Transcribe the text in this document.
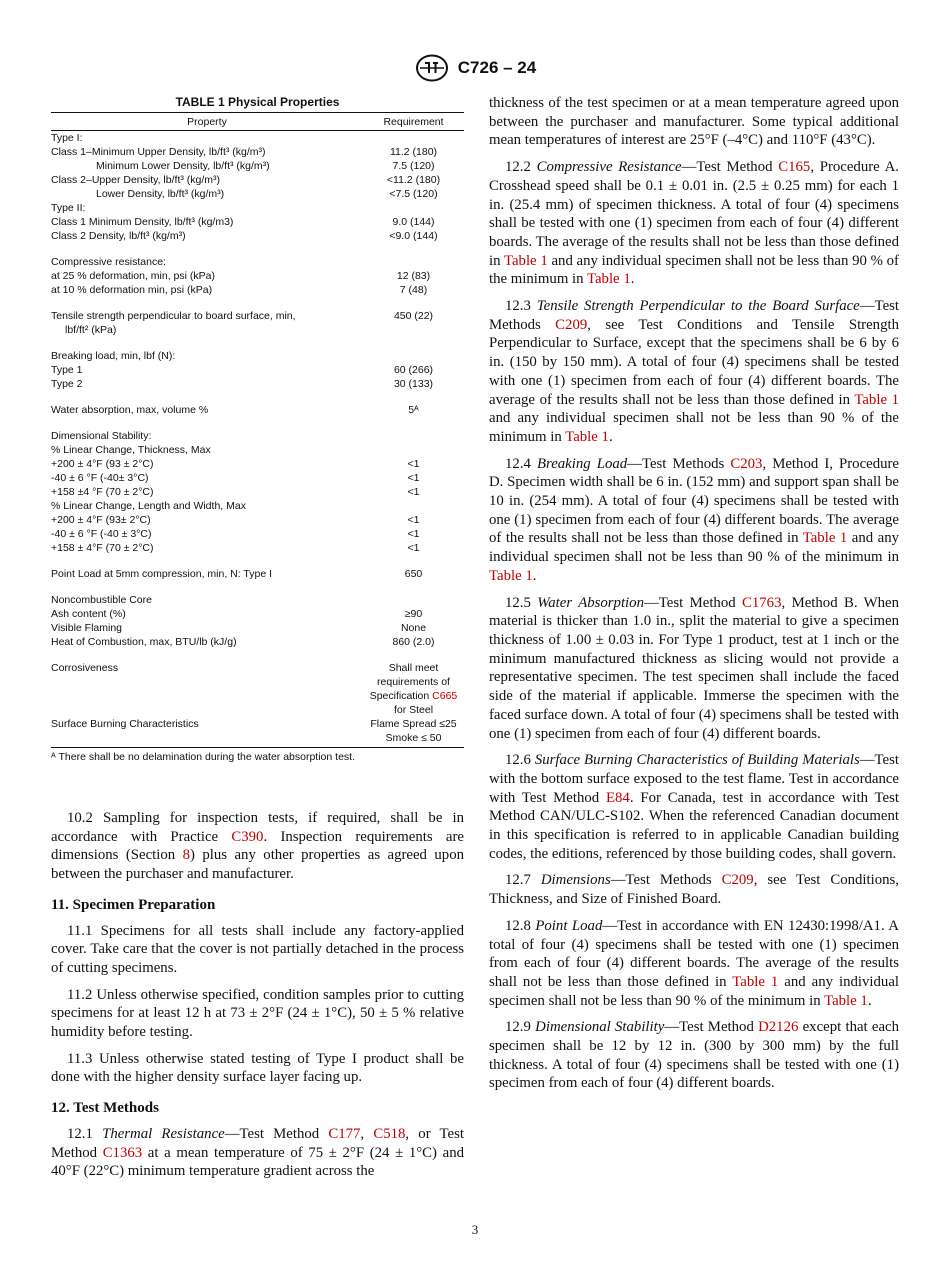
C726 – 24
TABLE 1 Physical Properties
Property	Requirement
Type I:	
Class 1–Minimum Upper Density, lb/ft³ (kg/m³)	11.2 (180)
Minimum Lower Density, lb/ft³ (kg/m³)	7.5 (120)
Class 2–Upper Density, lb/ft³ (kg/m³)	<11.2 (180)
Lower Density, lb/ft³ (kg/m³)	<7.5 (120)
Type II:	
Class 1 Minimum Density, lb/ft³ (kg/m3)	9.0 (144)
Class 2 Density, lb/ft³ (kg/m³)	<9.0 (144)

Compressive resistance:	
at 25 % deformation, min, psi (kPa)	12 (83)
at 10 % deformation min, psi (kPa)	7 (48)

Tensile strength perpendicular to board surface, min,	450 (22)
lbf/ft² (kPa)	

Breaking load, min, lbf (N):	
Type 1	60 (266)
Type 2	30 (133)

Water absorption, max, volume %	5ᴬ

Dimensional Stability:	
% Linear Change, Thickness, Max	
+200 ± 4°F (93 ± 2°C)	<1
-40 ± 6 °F (-40± 3°C)	<1
+158 ±4 °F (70 ± 2°C)	<1
% Linear Change, Length and Width, Max	
+200 ± 4°F (93± 2°C)	<1
-40 ± 6 °F (-40 ± 3°C)	<1
+158 ± 4°F (70 ± 2°C)	<1

Point Load at 5mm compression, min, N: Type I	650

Noncombustible Core	
Ash content (%)	≥90
Visible Flaming	None
Heat of Combustion, max, BTU/lb (kJ/g)	860 (2.0)

Corrosiveness	Shall meet requirements of Specification C665
for Steel
Surface Burning Characteristics	Flame Spread ≤25
Smoke ≤ 50
ᴬ There shall be no delamination during the water absorption test.

10.2 Sampling for inspection tests, if required, shall be in accordance with Practice C390. Inspection requirements are dimensions (Section 8) plus any other properties as agreed upon between the purchaser and manufacturer.

11. Specimen Preparation

11.1 Specimens for all tests shall include any factory-applied cover. Take care that the cover is not partially detached in the process of cutting specimens.

11.2 Unless otherwise specified, condition samples prior to cutting specimens for at least 12 h at 73 ± 2°F (24 ± 1°C), 50 ± 5 % relative humidity before testing.

11.3 Unless otherwise stated testing of Type I product shall be done with the higher density surface layer facing up.

12. Test Methods

12.1 Thermal Resistance—Test Method C177, C518, or Test Method C1363 at a mean temperature of 75 ± 2°F (24 ± 1°C) and 40°F (22°C) minimum temperature gradient across the

thickness of the test specimen or at a mean temperature agreed upon between the purchaser and manufacturer. Some typical additional mean temperatures of interest are 25°F (–4°C) and 110°F (43°C).

12.2 Compressive Resistance—Test Method C165, Procedure A. Crosshead speed shall be 0.1 ± 0.01 in. (2.5 ± 0.25 mm) for each 1 in. (25.4 mm) of specimen thickness. A total of four (4) specimens shall be tested with one (1) specimen from each of four (4) different boards. The average of the results shall not be less than those defined in Table 1 and any individual specimen shall not be less than 90 % of the minimum in Table 1.

12.3 Tensile Strength Perpendicular to the Board Surface—Test Methods C209, see Test Conditions and Tensile Strength Perpendicular to Surface, except that the specimens shall be 6 by 6 in. (150 by 150 mm). A total of four (4) specimens shall be tested with one (1) specimen from each of four (4) different boards. The average of the results shall not be less than those defined in Table 1 and any individual specimen shall not be less than 90 % of the minimum in Table 1.

12.4 Breaking Load—Test Methods C203, Method I, Procedure D. Specimen width shall be 6 in. (152 mm) and support span shall be 10 in. (254 mm). A total of four (4) specimens shall be tested with one (1) specimen from each of four (4) different boards. The average of the results shall not be less than those defined in Table 1 and any individual specimen shall not be less than 90 % of the minimum in Table 1.

12.5 Water Absorption—Test Method C1763, Method B. When material is thicker than 1.0 in., split the material to give a specimen thickness of 1.00 ± 0.03 in. For Type 1 product, test at 1 inch or the minimum manufactured thickness as slicing would not provide a representative specimen. The test specimen shall include the faced side of the material if applicable. Immerse the specimen with the faced surface down. A total of four (4) specimens shall be tested with one (1) specimen from each of four (4) different boards.

12.6 Surface Burning Characteristics of Building Materials—Test with the bottom surface exposed to the test flame. Test in accordance with Test Method E84. For Canada, test in accordance with Test Method CAN/ULC-S102. When the referenced Canadian document in this specification is referred to in applicable Canadian building codes, the editions, referenced by those building codes, shall govern.

12.7 Dimensions—Test Methods C209, see Test Conditions, Thickness, and Size of Finished Board.

12.8 Point Load—Test in accordance with EN 12430:1998/A1. A total of four (4) specimens shall be tested with one (1) specimen from each of four (4) different boards. The average of the results shall not be less than those defined in Table 1 and any individual specimen shall not be less than 90 % of the minimum in Table 1.

12.9 Dimensional Stability—Test Method D2126 except that each specimen shall be 12 by 12 in. (300 by 300 mm) by the full thickness. A total of four (4) specimens shall be tested with one (1) specimen from each of four (4) different boards.

3
